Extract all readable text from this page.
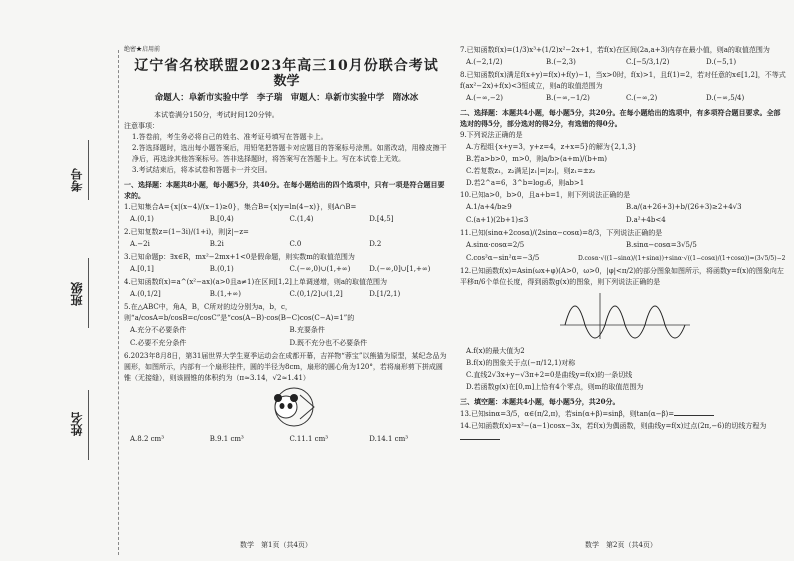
考号
班级
姓名
绝密★启用前
辽宁省名校联盟2023年高三10月份联合考试
数学
命题人：阜新市实验中学　李子瑞　审题人：阜新市实验中学　隋冰冰
本试卷满分150分，考试时间120分钟。
注意事项：

1.答卷前，考生务必将自己的姓名、准考证号填写在答题卡上。

2.答选择题时，选出每小题答案后，用铅笔把答题卡对应题目的答案标号涂黑。如需改动，用橡皮擦干净后，再选涂其他答案标号。答非选择题时，将答案写在答题卡上。写在本试卷上无效。

3.考试结束后，将本试卷和答题卡一并交回。

一、选择题：本题共8小题，每小题5分，共40分。在每小题给出的四个选项中，只有一项是符合题目要求的。
1.已知集合A={x|(x−4)/(x−1)≥0}，集合B={x|y=ln(4−x)}，则A∩B=
A.(0,1)	B.[0,4)	C.(1,4)	D.[4,5]
2.已知复数z=(1−3i)/(1+i)，则|z̄|−z=
A.−2i	B.2i	C.0	D.2
3.已知命题p：∃x∈R，mx²−2mx+1<0是假命题，则实数m的取值范围为
A.[0,1]	B.(0,1)	C.(−∞,0)∪(1,+∞)	D.(−∞,0]∪[1,+∞)
4.已知函数f(x)=a^(x²−ax)(a>0且a≠1)在区间[1,2]上单调递增，则a的取值范围为
A.(0,1/2]	B.(1,+∞)	C.(0,1/2]∪(1,2]	D.[1/2,1)
5.在△ABC中，角A，B，C所对的边分别为a，b，c，则“a/cosA=b/cosB=c/cosC”是“cos(A−B)·cos(B−C)cos(C−A)=1”的
A.充分不必要条件	B.充要条件
C.必要不充分条件	D.既不充分也不必要条件
6.2023年8月8日，第31届世界大学生夏季运动会在成都开幕，吉祥物“蓉宝”以熊猫为原型，某纪念品为圆形，如图所示，内部有一个扇形挂件，圆的半径为8cm，扇形的圆心角为120°，若将扇形剪下拼成圆锥（无接缝），则该圆锥的体积约为（π≈3.14，√2≈1.41）
A.8.2 cm³	B.9.1 cm³	C.11.1 cm³	D.14.1 cm³
7.已知函数f(x)=(1/3)x³+(1/2)x²−2x+1，若f(x)在区间(2a,a+3)内存在最小值，则a的取值范围为
A.(−2,1/2)	B.(−2,3)	C.[−5/3,1/2)	D.(−5,1)
8.已知函数f(x)满足f(x+y)=f(x)+f(y)−1，当x>0时，f(x)>1，且f(1)=2，若对任意的x∈[1,2]，不等式f(ax²−2x)+f(x)<3恒成立，则a的取值范围为
A.(−∞,−2)	B.(−∞,−1/2)	C.(−∞,2)	D.(−∞,5/4)
二、选择题：本题共4小题，每小题5分，共20分。在每小题给出的选项中，有多项符合题目要求。全部选对的得5分，部分选对的得2分，有选错的得0分。
9.下列说法正确的是
A.方程组{x+y=3，y+z=4，z+x=5}的解为{2,1,3}
B.若a>b>0，m>0，则a/b>(a+m)/(b+m)
C.若复数z₁，z₂满足|z₁|=|z₂|，则z₁=±z₂
D.若2^a=6，3^b=log₃6，则ab>1
10.已知a>0，b>0，且a+b=1，则下列说法正确的是
A.1/a+4/b≥9	B.a/(a+26+3)+b/(26+3)≥2+4√3
C.(a+1)(2b+1)≤3	D.a²+4b<4
11.已知(sinα+2cosα)/(2sinα−cosα)=8/3，下列说法正确的是
A.sinα·cosα=2/5	B.sinα−cosα=3√5/5
C.cos²α−sin²α=−3/5	D.cosα·√((1−sinα)/(1+sinα))+sinα·√((1−cosα)/(1+cosα))=(3√5/5)−2
12.已知函数f(x)=Asin(ωx+φ)(A>0，ω>0，|φ|<π/2)的部分图象如图所示，将函数y=f(x)的图象向左平移π/6个单位长度，得到函数g(x)的图象，则下列说法正确的是
A.f(x)的最大值为2
B.f(x)的图象关于点(−π/12,1)对称
C.直线2√3x+y−√3π+2=0是曲线y=f(x)的一条切线
D.若函数g(x)在[0,m]上恰有4个零点，则m的取值范围为
三、填空题：本题共4小题，每小题5分，共20分。
13.已知sinα=3/5，α∈(π/2,π)，若sin(α+β)=sinβ，则tan(α−β)=
14.已知函数f(x)=x²−(a−1)cosx−3x，若f(x)为偶函数，则曲线y=f(x)过点(2π,−6)的切线方程为
数学　第1页（共4页）	数学　第2页（共4页）
